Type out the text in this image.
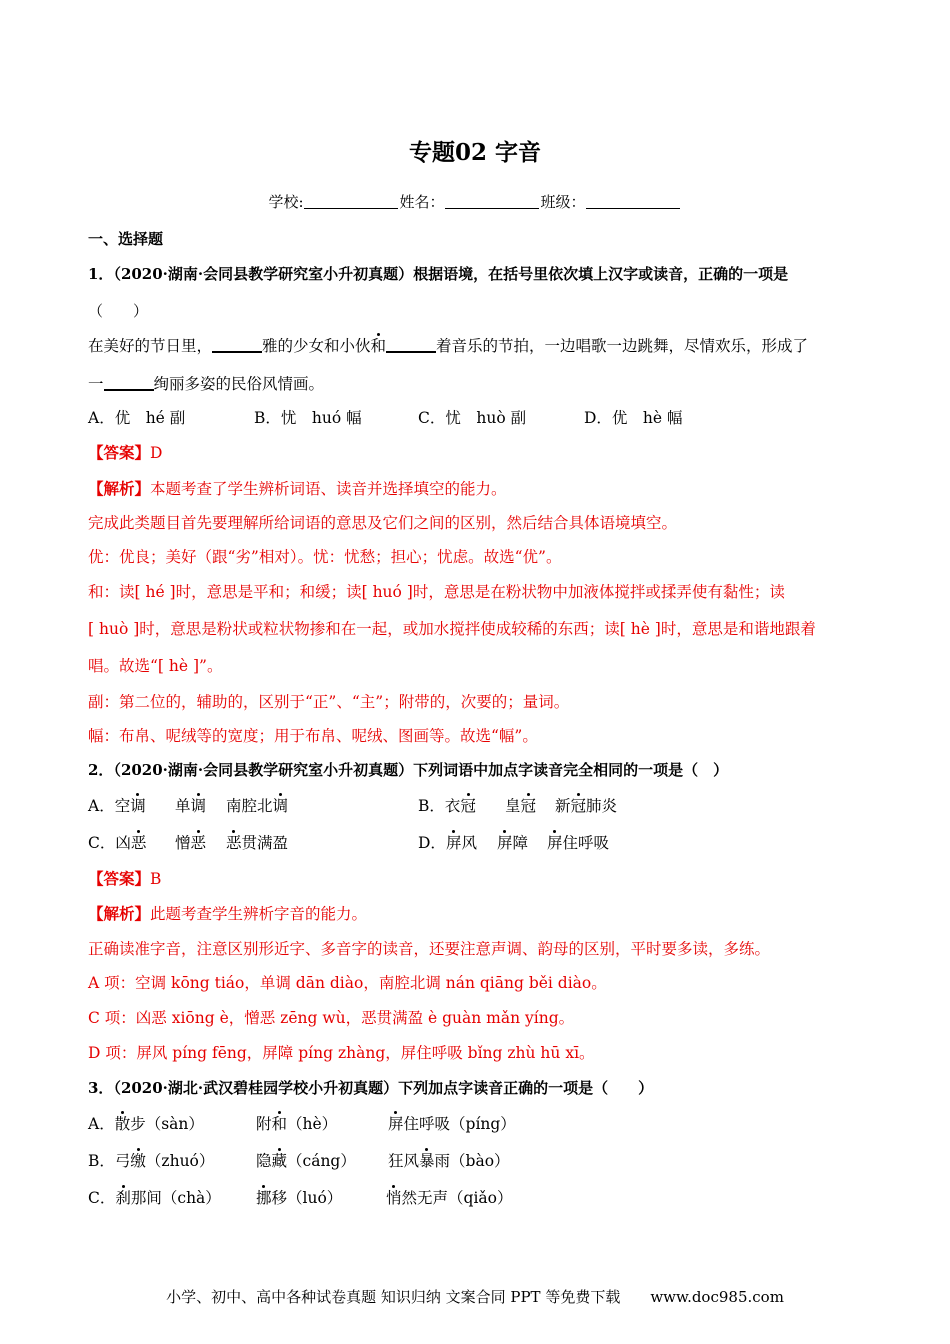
专题02 字音
学校:	姓名：	班级：
一、选择题
1．（2020·湖南·会同县教学研究室小升初真题）根据语境，在括号里依次填上汉字或读音，正确的一项是
（　　）
在美好的节日里，	雅的少女和小伙和	着音乐的节拍，一边唱歌一边跳舞，尽情欢乐，形成了
一	绚丽多姿的民俗风情画。
A．优　hé 副	B．忧　huó 幅	C．忧　huò 副	D．优　hè 幅
【答案】D
【解析】本题考查了学生辨析词语、读音并选择填空的能力。
完成此类题目首先要理解所给词语的意思及它们之间的区别，然后结合具体语境填空。
优：优良；美好（跟“劣”相对）。忧：忧愁；担心；忧虑。故选“优”。
和：读[ hé ]时，意思是平和；和缓；读[ huó ]时，意思是在粉状物中加液体搅拌或揉弄使有黏性；读
[ huò ]时，意思是粉状或粒状物掺和在一起，或加水搅拌使成较稀的东西；读[ hè ]时，意思是和谐地跟着
唱。故选“[ hè ]”。
副：第二位的，辅助的，区别于“正”、“主”；附带的，次要的；量词。
幅：布帛、呢绒等的宽度；用于布帛、呢绒、图画等。故选“幅”。
2．（2020·湖南·会同县教学研究室小升初真题）下列词语中加点字读音完全相同的一项是（　）
A．空调 单调 南腔北调	B．衣冠 皇冠 新冠肺炎
C．凶恶 憎恶 恶贯满盈	D．屏风 屏障 屏住呼吸
【答案】B
【解析】此题考查学生辨析字音的能力。
正确读准字音，注意区别形近字、多音字的读音，还要注意声调、韵母的区别，平时要多读，多练。
A 项：空调 kōng tiáo，单调 dān diào，南腔北调 nán qiāng běi diào。
C 项：凶恶 xiōng è，憎恶 zēng wù，恶贯满盈 è guàn mǎn yíng。
D 项：屏风 píng fēng，屏障 píng zhàng，屏住呼吸 bǐng zhù hū xī。
3．（2020·湖北·武汉碧桂园学校小升初真题）下列加点字读音正确的一项是（　　）
A．散步（sàn）	附和（hè）	屏住呼吸（píng）
B．弓缴（zhuó）	隐藏（cáng） 狂风暴雨（bào）
C．刹那间（chà） 挪移（luó）	悄然无声（qiǎo）
小学、初中、高中各种试卷真题 知识归纳 文案合同 PPT 等免费下载　　www.doc985.com
